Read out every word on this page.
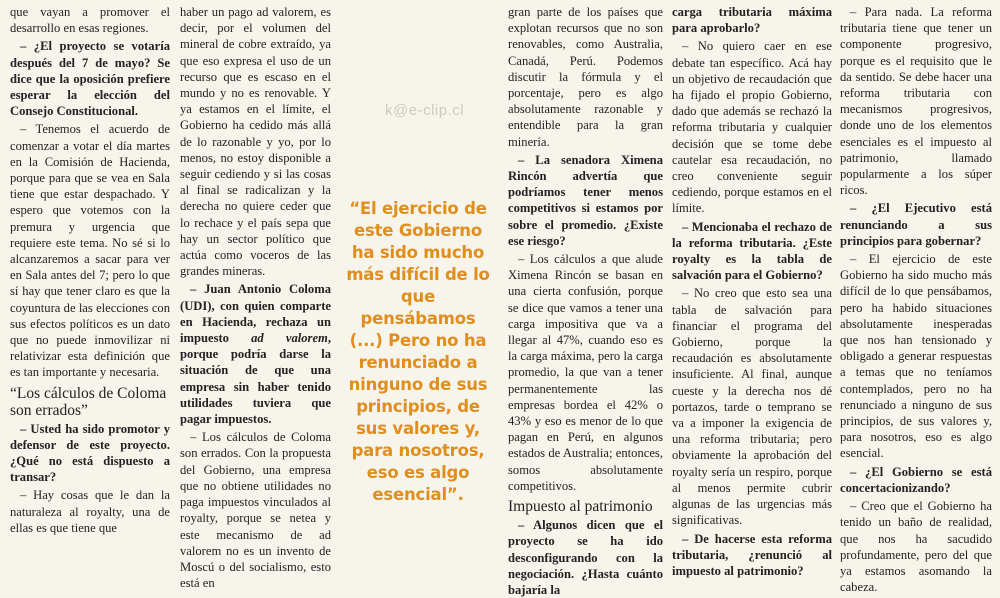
k@e-clip.cl

que vayan a promover el desarrollo en esas regiones.

– ¿El proyecto se votaría después del 7 de mayo? Se dice que la oposición prefiere esperar la elección del Consejo Constitucional.

– Tenemos el acuerdo de comenzar a votar el día martes en la Comisión de Hacienda, porque para que se vea en Sala tiene que estar despachado. Y espero que votemos con la premura y urgencia que requiere este tema. No sé si lo alcanzaremos a sacar para ver en Sala antes del 7; pero lo que sí hay que tener claro es que la coyuntura de las elecciones con sus efectos políticos es un dato que no puede inmovilizar ni relativizar esta definición que es tan importante y necesaria.

“Los cálculos de Coloma son errados”

– Usted ha sido promotor y defensor de este proyecto. ¿Qué no está dispuesto a transar?

– Hay cosas que le dan la naturaleza al royalty, una de ellas es que tiene que

haber un pago ad valorem, es decir, por el volumen del mineral de cobre extraído, ya que eso expresa el uso de un recurso que es escaso en el mundo y no es renovable. Y ya estamos en el límite, el Gobierno ha cedido más allá de lo razonable y yo, por lo menos, no estoy disponible a seguir cediendo y si las cosas al final se radicalizan y la derecha no quiere ceder que lo rechace y el país sepa que hay un sector político que actúa como voceros de las grandes mineras.

– Juan Antonio Coloma (UDI), con quien comparte en Hacienda, rechaza un impuesto ad valorem, porque podría darse la situación de que una empresa sin haber tenido utilidades tuviera que pagar impuestos.

– Los cálculos de Coloma son errados. Con la propuesta del Gobierno, una empresa que no obtiene utilidades no paga impuestos vinculados al royalty, porque se netea y este mecanismo de ad valorem no es un invento de Moscú o del socialismo, esto está en

“El ejercicio de este Gobierno ha sido mucho más difícil de lo que pensábamos (...) Pero no ha renunciado a ninguno de sus principios, de sus valores y, para nosotros, eso es algo esencial”.

gran parte de los países que explotan recursos que no son renovables, como Australia, Canadá, Perú. Podemos discutir la fórmula y el porcentaje, pero es algo absolutamente razonable y entendible para la gran minería.

– La senadora Ximena Rincón advertía que podríamos tener menos competitivos si estamos por sobre el promedio. ¿Existe ese riesgo?

– Los cálculos a que alude Ximena Rincón se basan en una cierta confusión, porque se dice que vamos a tener una carga impositiva que va a llegar al 47%, cuando eso es la carga máxima, pero la carga promedio, la que van a tener permanentemente las empresas bordea el 42% o 43% y eso es menor de lo que pagan en Perú, en algunos estados de Australia; entonces, somos absolutamente competitivos.

Impuesto al patrimonio

– Algunos dicen que el proyecto se ha ido desconfigurando con la negociación. ¿Hasta cuánto bajaría la

carga tributaria máxima para aprobarlo?

– No quiero caer en ese debate tan específico. Acá hay un objetivo de recaudación que ha fijado el propio Gobierno, dado que además se rechazó la reforma tributaria y cualquier decisión que se tome debe cautelar esa recaudación, no creo conveniente seguir cediendo, porque estamos en el límite.

– Mencionaba el rechazo de la reforma tributaria. ¿Este royalty es la tabla de salvación para el Gobierno?

– No creo que esto sea una tabla de salvación para financiar el programa del Gobierno, porque la recaudación es absolutamente insuficiente. Al final, aunque cueste y la derecha nos dé portazos, tarde o temprano se va a imponer la exigencia de una reforma tributaria; pero obviamente la aprobación del royalty sería un respiro, porque al menos permite cubrir algunas de las urgencias más significativas.

– De hacerse esta reforma tributaria, ¿renunció al impuesto al patrimonio?

– Para nada. La reforma tributaria tiene que tener un componente progresivo, porque es el requisito que le da sentido. Se debe hacer una reforma tributaria con mecanismos progresivos, donde uno de los elementos esenciales es el impuesto al patrimonio, llamado popularmente a los súper ricos.

– ¿El Ejecutivo está renunciando a sus principios para gobernar?

– El ejercicio de este Gobierno ha sido mucho más difícil de lo que pensábamos, pero ha habido situaciones absolutamente inesperadas que nos han tensionado y obligado a generar respuestas a temas que no teníamos contemplados, pero no ha renunciado a ninguno de sus principios, de sus valores y, para nosotros, eso es algo esencial.

– ¿El Gobierno se está concertacionizando?

– Creo que el Gobierno ha tenido un baño de realidad, que nos ha sacudido profundamente, pero del que ya estamos asomando la cabeza.
